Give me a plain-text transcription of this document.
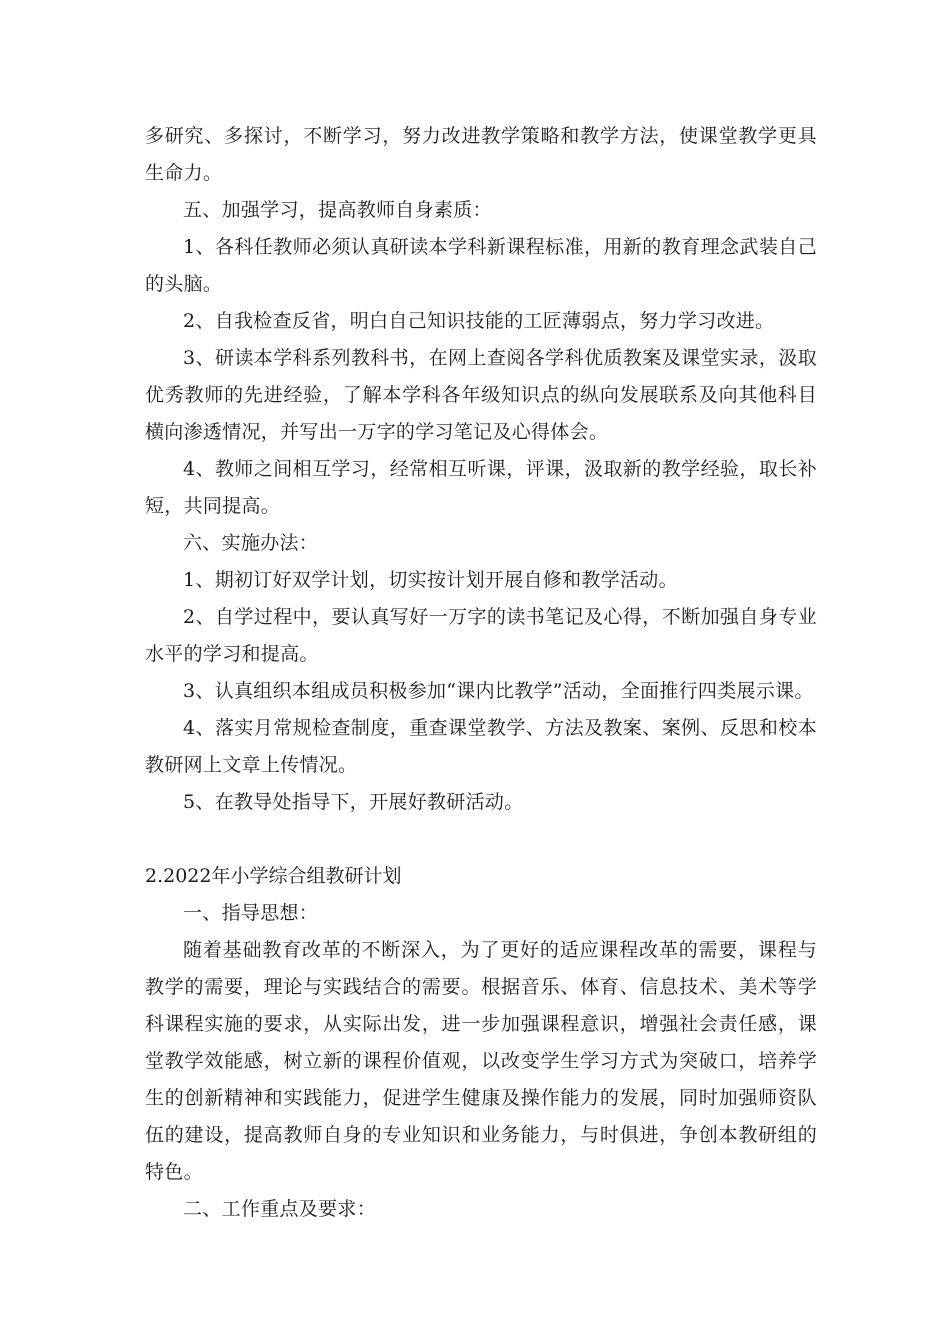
多研究、多探讨，不断学习，努力改进教学策略和教学方法，使课堂教学更具生命力。

五、加强学习，提高教师自身素质：

1、各科任教师必须认真研读本学科新课程标准，用新的教育理念武装自己的头脑。

2、自我检查反省，明白自己知识技能的工匠薄弱点，努力学习改进。

3、研读本学科系列教科书，在网上查阅各学科优质教案及课堂实录，汲取优秀教师的先进经验，了解本学科各年级知识点的纵向发展联系及向其他科目横向渗透情况，并写出一万字的学习笔记及心得体会。

4、教师之间相互学习，经常相互听课，评课，汲取新的教学经验，取长补短，共同提高。

六、实施办法：

1、期初订好双学计划，切实按计划开展自修和教学活动。

2、自学过程中，要认真写好一万字的读书笔记及心得，不断加强自身专业水平的学习和提高。

3、认真组织本组成员积极参加“课内比教学”活动，全面推行四类展示课。

4、落实月常规检查制度，重查课堂教学、方法及教案、案例、反思和校本教研网上文章上传情况。

5、在教导处指导下，开展好教研活动。

2.2022年小学综合组教研计划

一、指导思想：

随着基础教育改革的不断深入，为了更好的适应课程改革的需要，课程与教学的需要，理论与实践结合的需要。根据音乐、体育、信息技术、美术等学科课程实施的要求，从实际出发，进一步加强课程意识，增强社会责任感，课堂教学效能感，树立新的课程价值观，以改变学生学习方式为突破口，培养学生的创新精神和实践能力，促进学生健康及操作能力的发展，同时加强师资队伍的建设，提高教师自身的专业知识和业务能力，与时俱进，争创本教研组的特色。

二、工作重点及要求：
